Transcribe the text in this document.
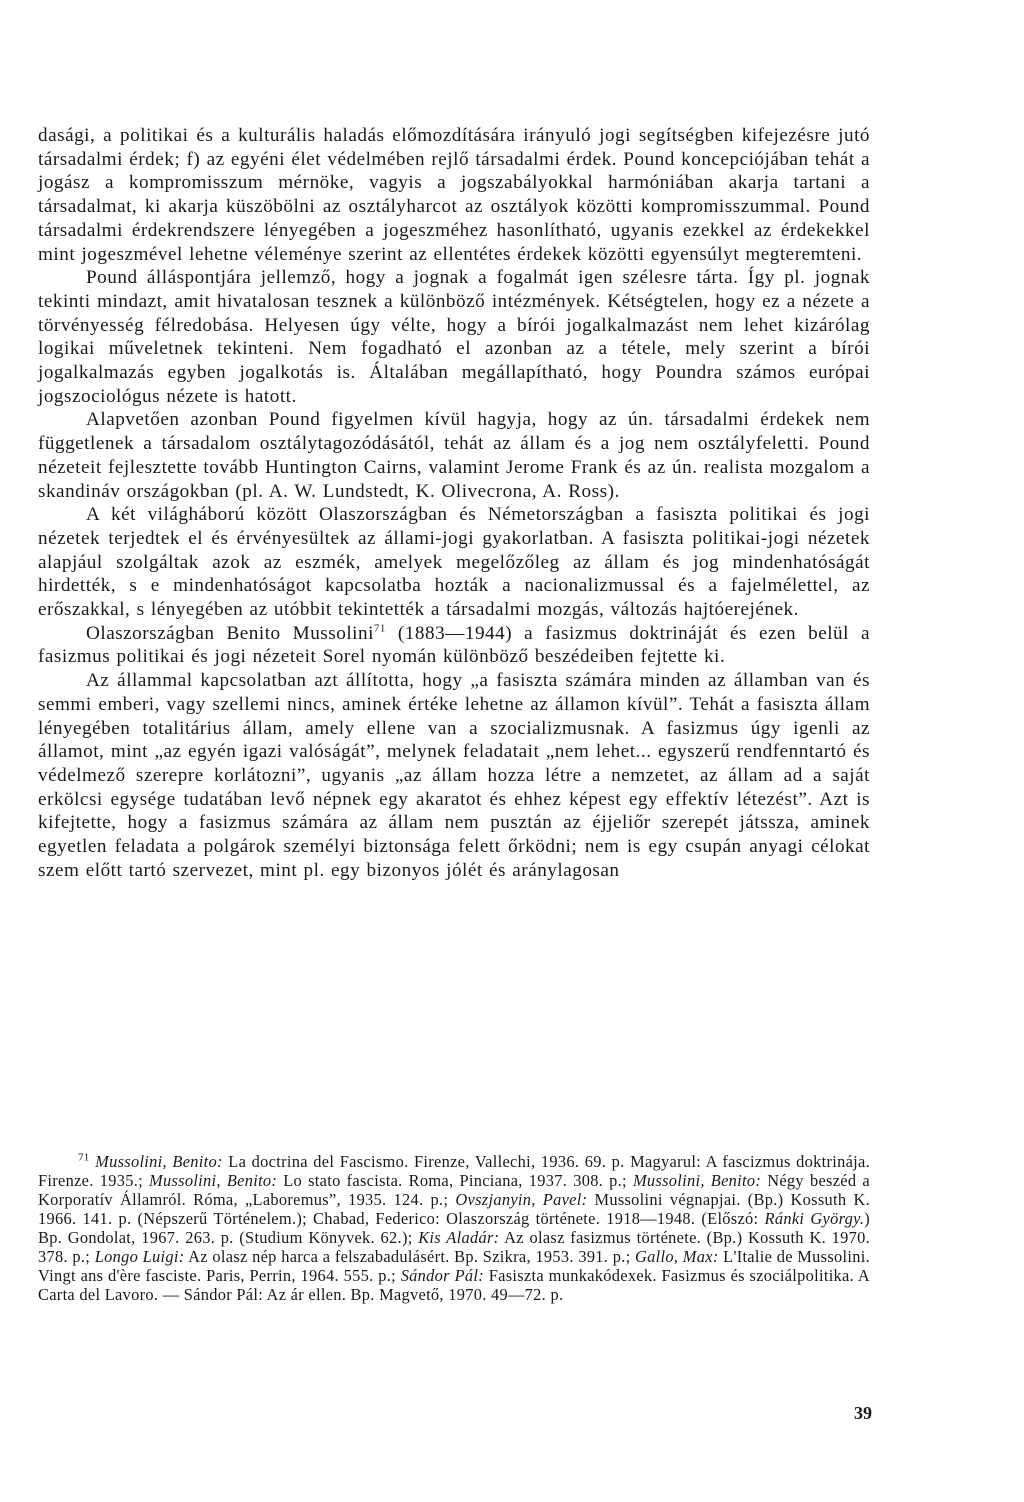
dasági, a politikai és a kulturális haladás előmozdítására irányuló jogi segítségben kifejezésre jutó társadalmi érdek; f) az egyéni élet védelmében rejlő társadalmi érdek. Pound koncepciójában tehát a jogász a kompromisszum mérnöke, vagyis a jogszabályokkal harmóniában akarja tartani a társadalmat, ki akarja küszöbölni az osztályharcot az osztályok közötti kompromisszummal. Pound társadalmi érdekrendszere lényegében a jogeszméhez hasonlítható, ugyanis ezekkel az érdekekkel mint jogeszmével lehetne véleménye szerint az ellentétes érdekek közötti egyensúlyt megteremteni.

Pound álláspontjára jellemző, hogy a jognak a fogalmát igen szélesre tárta. Így pl. jognak tekinti mindazt, amit hivatalosan tesznek a különböző intézmények. Kétségtelen, hogy ez a nézete a törvényesség félredobása. Helyesen úgy vélte, hogy a bírói jogalkalmazást nem lehet kizárólag logikai műveletnek tekinteni. Nem fogadható el azonban az a tétele, mely szerint a bírói jogalkalmazás egyben jogalkotás is. Általában megállapítható, hogy Poundra számos európai jogszociológus nézete is hatott.

Alapvetően azonban Pound figyelmen kívül hagyja, hogy az ún. társadalmi érdekek nem függetlenek a társadalom osztálytagozódásától, tehát az állam és a jog nem osztályfeletti. Pound nézeteit fejlesztette tovább Huntington Cairns, valamint Jerome Frank és az ún. realista mozgalom a skandináv országokban (pl. A. W. Lundstedt, K. Olivecrona, A. Ross).

A két világháború között Olaszországban és Németországban a fasiszta politikai és jogi nézetek terjedtek el és érvényesültek az állami-jogi gyakorlatban. A fasiszta politikai-jogi nézetek alapjául szolgáltak azok az eszmék, amelyek megelőzőleg az állam és jog mindenhatóságát hirdették, s e mindenhatóságot kapcsolatba hozták a nacionalizmussal és a fajelmélettel, az erőszakkal, s lényegében az utóbbit tekintették a társadalmi mozgás, változás hajtóerejének.

Olaszországban Benito Mussolini$^{71}$ (1883—1944) a fasizmus doktrináját és ezen belül a fasizmus politikai és jogi nézeteit Sorel nyomán különböző beszédeiben fejtette ki.

Az állammal kapcsolatban azt állította, hogy „a fasiszta számára minden az államban van és semmi emberi, vagy szellemi nincs, aminek értéke lehetne az államon kívül”. Tehát a fasiszta állam lényegében totalitárius állam, amely ellene van a szocializmusnak. A fasizmus úgy igenli az államot, mint „az egyén igazi valóságát”, melynek feladatait „nem lehet... egyszerű rendfenntartó és védelmező szerepre korlátozni”, ugyanis „az állam hozza létre a nemzetet, az állam ad a saját erkölcsi egysége tudatában levő népnek egy akaratot és ehhez képest egy effektív létezést”. Azt is kifejtette, hogy a fasizmus számára az állam nem pusztán az éjjeliőr szerepét játssza, aminek egyetlen feladata a polgárok személyi biztonsága felett őrködni; nem is egy csupán anyagi célokat szem előtt tartó szervezet, mint pl. egy bizonyos jólét és aránylagosan

$^{71}$ Mussolini, Benito: La doctrina del Fascismo. Firenze, Vallechi, 1936. 69. p. Magyarul: A fascizmus doktrinája. Firenze. 1935.; Mussolini, Benito: Lo stato fascista. Roma, Pinciana, 1937. 308. p.; Mussolini, Benito: Négy beszéd a Korporatív Államról. Róma, „Laboremus”, 1935. 124. p.; Ovszjanyin, Pavel: Mussolini végnapjai. (Bp.) Kossuth K. 1966. 141. p. (Népszerű Történelem.); Chabad, Federico: Olaszország története. 1918—1948. (Előszó: Ránki György.) Bp. Gondolat, 1967. 263. p. (Studium Könyvek. 62.); Kis Aladár: Az olasz fasizmus története. (Bp.) Kossuth K. 1970. 378. p.; Longo Luigi: Az olasz nép harca a felszabadulásért. Bp. Szikra, 1953. 391. p.; Gallo, Max: L'Italie de Mussolini. Vingt ans d'ère fasciste. Paris, Perrin, 1964. 555. p.; Sándor Pál: Fasiszta munkakódexek. Fasizmus és szociálpolitika. A Carta del Lavoro. — Sándor Pál: Az ár ellen. Bp. Magvető, 1970. 49—72. p.

39
